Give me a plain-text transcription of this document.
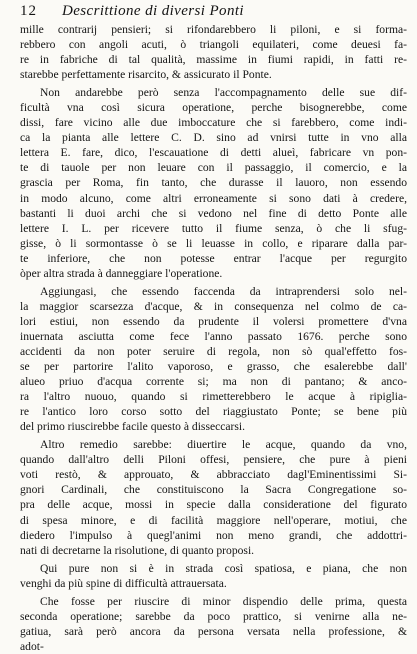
12	Descrittione di diversi Ponti
mille contrarij pensieri; si rifondarebbero li piloni, e si forma-
rebbero con angoli acuti, ò triangoli equilateri, come deuesi fa-
re in fabriche di tal qualità, massime in fiumi rapidi, in fatti re-
starebbe perfettamente risarcito, & assicurato il Ponte.
Non andarebbe però senza l'accompagnamento delle sue dif-
ficultà vna così sicura operatione, perche bisognerebbe, come
dissi, fare vicino alle due imboccature che si farebbero, come indi-
ca la pianta alle lettere C. D. sino ad vnirsi tutte in vno alla
lettera E. fare, dico, l'escauatione di detti alueì, fabricare vn pon-
te di tauole per non leuare con il passaggio, il comercio, e la
grascia per Roma, fin tanto, che durasse il lauoro, non essendo
in modo alcuno, come altri erroneamente si sono dati à credere,
bastanti li duoi archi che si vedono nel fine di detto Ponte alle
lettere I. L. per ricevere tutto il fiume senza, ò che li sfug-
gisse, ò li sormontasse ò se li leuasse in collo, e riparare dalla par-
te inferiore, che non potesse entrar l'acque per regurgito
òper altra strada à danneggiare l'operatione.
Aggiungasi, che essendo faccenda da intraprendersi solo nel-
la maggior scarsezza d'acque, & in consequenza nel colmo de ca-
lori estiui, non essendo da prudente il volersi promettere d'vna
inuernata asciutta come fece l'anno passato 1676. perche sono
accidenti da non poter seruire di regola, non sò qual'effetto fos-
se per partorire l'alito vaporoso, e grasso, che esalerebbe dall'
alueo priuo d'acqua corrente si; ma non di pantano; & anco-
ra l'altro nuouo, quando si rimetterebbero le acque à ripiglia-
re l'antico loro corso sotto del riaggiustato Ponte; se bene più
del primo riuscirebbe facile questo à disseccarsi.
Altro remedio sarebbe: diuertire le acque, quando da vno,
quando dall'altro delli Piloni offesi, pensiere, che pure à pieni
voti restò, & approuato, & abbracciato dagl'Eminentissimi Si-
gnori Cardinali, che constituiscono la Sacra Congregatione so-
pra delle acque, mossi in specie dalla consideratione del figurato
di spesa minore, e di facilità maggiore nell'operare, motiui, che
diedero l'impulso à quegl'animi non meno grandi, che addottri-
nati di decretarne la risolutione, di quanto proposi.
Qui pure non si è in strada così spatiosa, e piana, che non
venghi da più spine di difficultà attrauersata.
Che fosse per riuscire di minor dispendio delle prima, questa
seconda operatione; sarebbe da poco prattico, si venirne alla ne-
gatiua, sarà però ancora da persona versata nella professione, &
adot-
